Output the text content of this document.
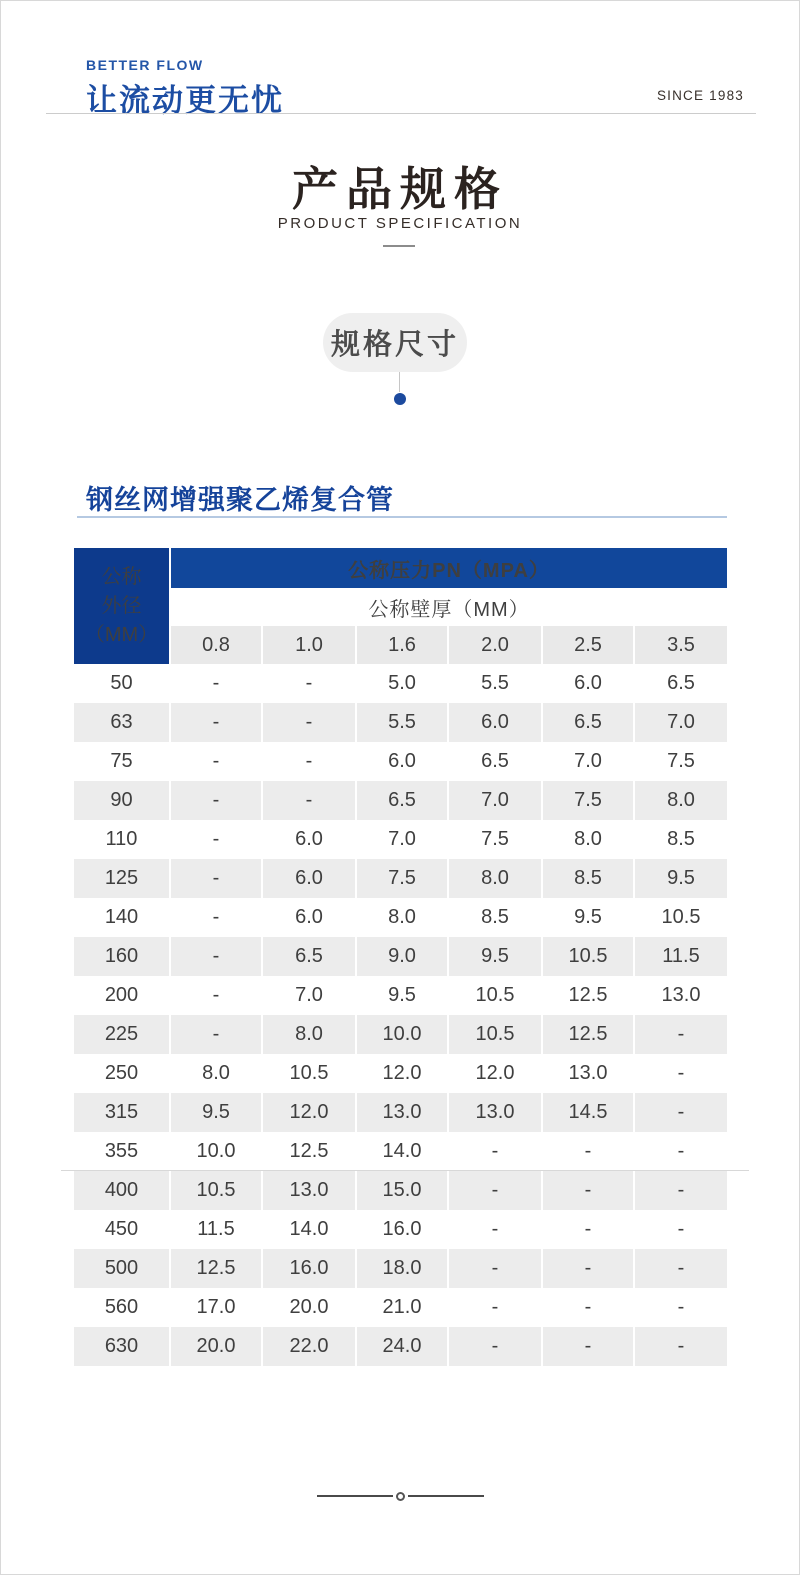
BETTER FLOW
让流动更无忧	SINCE 1983
产品规格
PRODUCT SPECIFICATION
规格尺寸
钢丝网增强聚乙烯复合管
公称
外径
（MM）	公称压力PN（MPA）					
	公称壁厚（MM）					
	0.8	1.0	1.6	2.0	2.5	3.5
50	-	-	5.0	5.5	6.0	6.5
63	-	-	5.5	6.0	6.5	7.0
75	-	-	6.0	6.5	7.0	7.5
90	-	-	6.5	7.0	7.5	8.0
110	-	6.0	7.0	7.5	8.0	8.5
125	-	6.0	7.5	8.0	8.5	9.5
140	-	6.0	8.0	8.5	9.5	10.5
160	-	6.5	9.0	9.5	10.5	11.5
200	-	7.0	9.5	10.5	12.5	13.0
225	-	8.0	10.0	10.5	12.5	-
250	8.0	10.5	12.0	12.0	13.0	-
315	9.5	12.0	13.0	13.0	14.5	-
355	10.0	12.5	14.0	-	-	-
400	10.5	13.0	15.0	-	-	-
450	11.5	14.0	16.0	-	-	-
500	12.5	16.0	18.0	-	-	-
560	17.0	20.0	21.0	-	-	-
630	20.0	22.0	24.0	-	-	-
